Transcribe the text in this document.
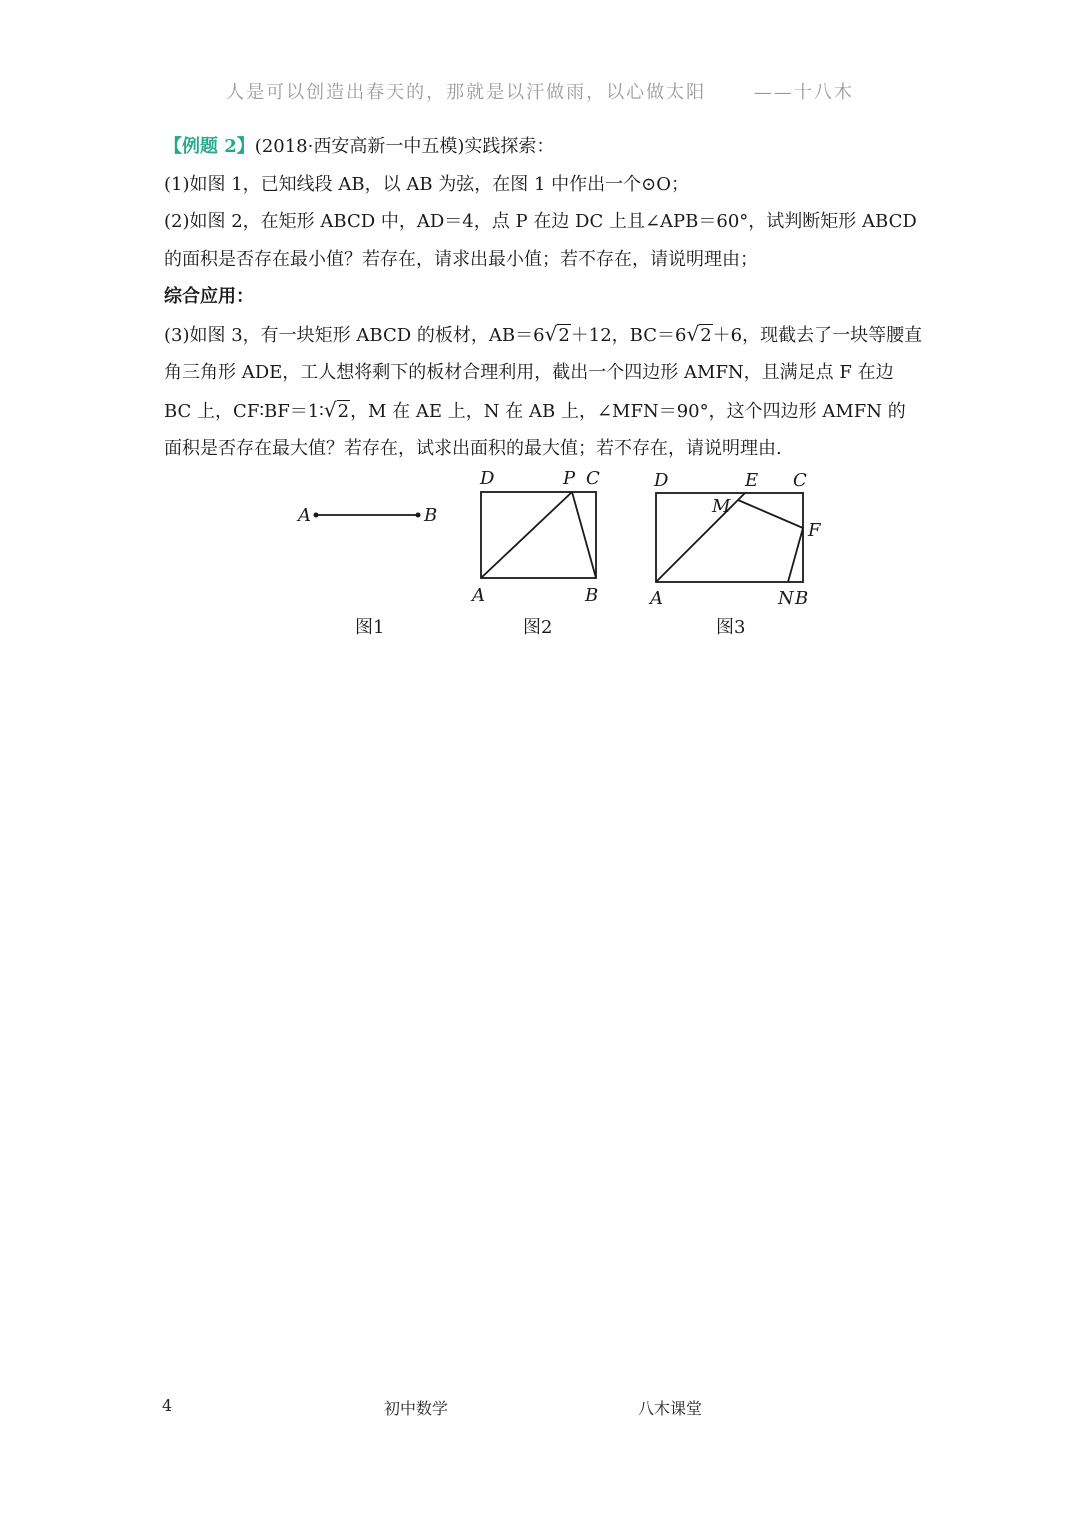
人是可以创造出春天的，那就是以汗做雨，以心做太阳	——十八木
【例题 2】(2018·西安高新一中五模)实践探索：
(1)如图 1，已知线段 AB，以 AB 为弦，在图 1 中作出一个⊙O；
(2)如图 2，在矩形 ABCD 中，AD＝4，点 P 在边 DC 上且∠APB＝60°，试判断矩形 ABCD
的面积是否存在最小值？若存在，请求出最小值；若不存在，请说明理由；
综合应用：
(3)如图 3，有一块矩形 ABCD 的板材，AB＝6√2＋12，BC＝6√2＋6，现截去了一块等腰直
角三角形 ADE，工人想将剩下的板材合理利用，截出一个四边形 AMFN，且满足点 F 在边
BC 上，CF∶BF＝1∶√2，M 在 AE 上，N 在 AB 上，∠MFN＝90°，这个四边形 AMFN 的
面积是否存在最大值？若存在，试求出面积的最大值；若不存在，请说明理由.
A	B
D	P C
A	B
D	E C
M
F
A	N B
图1	图2	图3
4	初中数学	八木课堂
